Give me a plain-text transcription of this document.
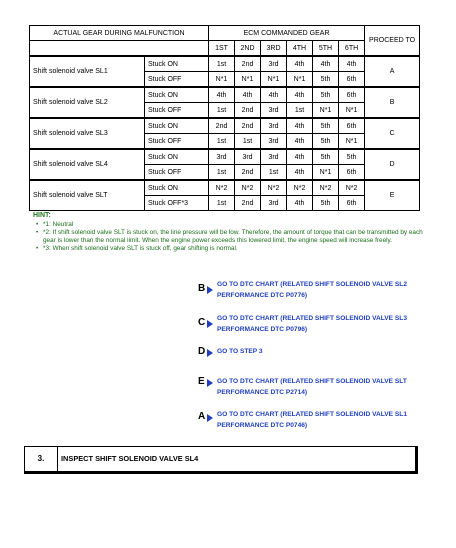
ACTUAL GEAR DURING MALFUNCTION		ECM COMMANDED GEAR						PROCEED TO
		1ST	2ND	3RD	4TH	5TH	6TH	
Shift solenoid valve SL1	Stuck ON	1st	2nd	3rd	4th	4th	4th	A
	Stuck OFF	N*1	N*1	N*1	N*1	5th	6th	
Shift solenoid valve SL2	Stuck ON	4th	4th	4th	4th	5th	6th	B
	Stuck OFF	1st	2nd	3rd	1st	N*1	N*1	
Shift solenoid valve SL3	Stuck ON	2nd	2nd	3rd	4th	5th	6th	C
	Stuck OFF	1st	1st	3rd	4th	5th	N*1	
Shift solenoid valve SL4	Stuck ON	3rd	3rd	3rd	4th	5th	5th	D
	Stuck OFF	1st	2nd	1st	4th	N*1	6th	
Shift solenoid valve SLT	Stuck ON	N*2	N*2	N*2	N*2	N*2	N*2	E
	Stuck OFF*3	1st	2nd	3rd	4th	5th	6th	
HINT:
• *1: Neutral
• *2: If shift solenoid valve SLT is stuck on, the line pressure will be low. Therefore, the amount of torque that can be transmitted by each gear is lower than the normal limit. When the engine power exceeds this lowered limit, the engine speed will increase freely.
• *3: When shift solenoid valve SLT is stuck off, gear shifting is normal.
B GO TO DTC CHART (RELATED SHIFT SOLENOID VALVE SL2 PERFORMANCE DTC P0776)
C GO TO DTC CHART (RELATED SHIFT SOLENOID VALVE SL3 PERFORMANCE DTC P0796)
D GO TO STEP 3
E GO TO DTC CHART (RELATED SHIFT SOLENOID VALVE SLT PERFORMANCE DTC P2714)
A GO TO DTC CHART (RELATED SHIFT SOLENOID VALVE SL1 PERFORMANCE DTC P0746)
3.	INSPECT SHIFT SOLENOID VALVE SL4
